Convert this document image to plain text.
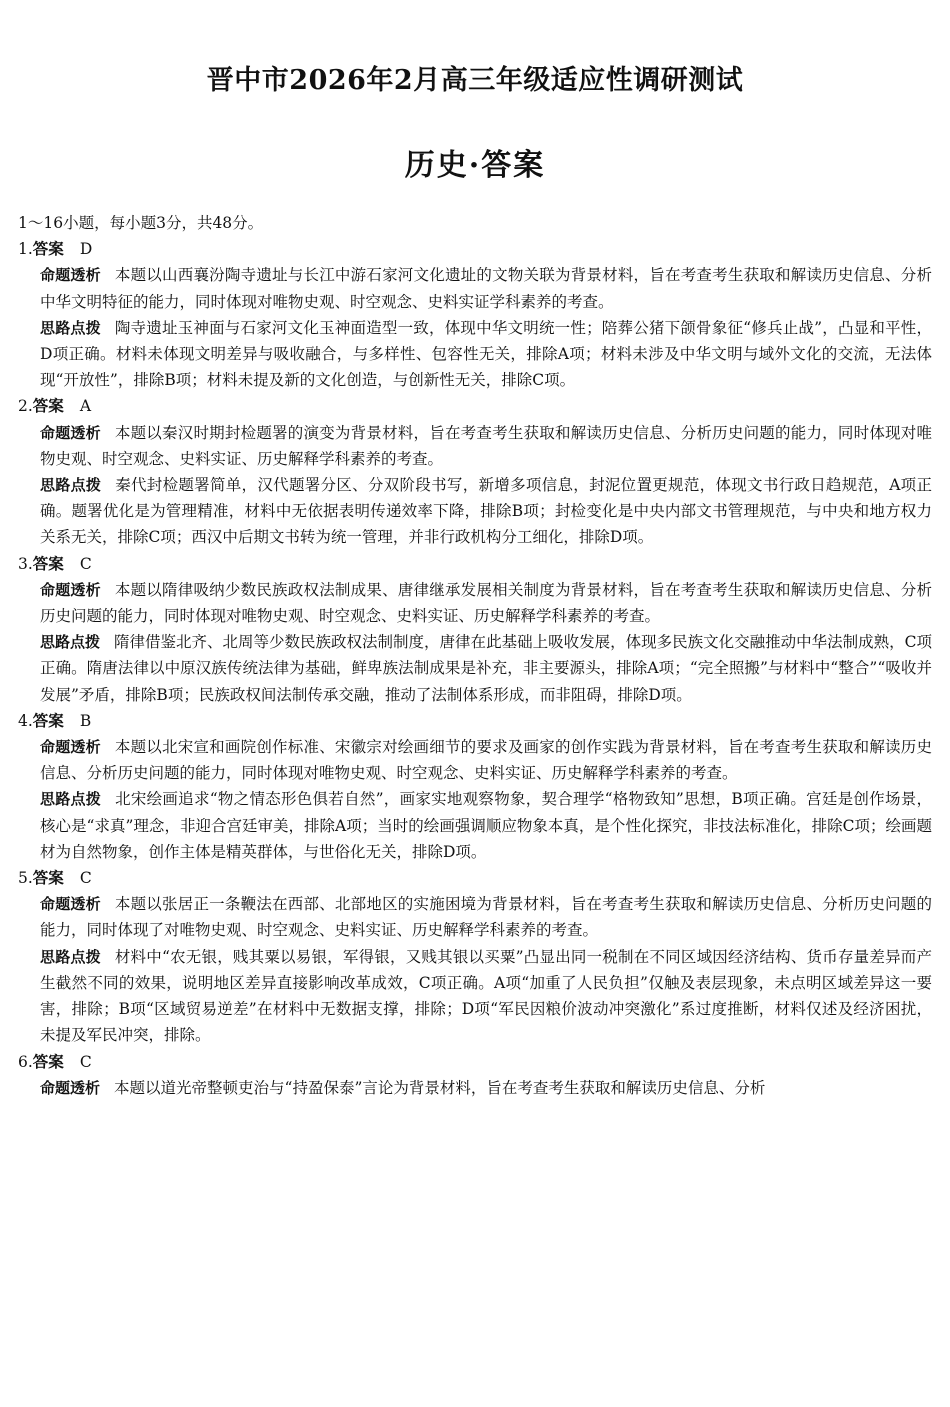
晋中市2026年2月高三年级适应性调研测试
历史·答案

1～16小题，每小题3分，共48分。

1.答案 D

命题透析 本题以山西襄汾陶寺遗址与长江中游石家河文化遗址的文物关联为背景材料，旨在考查考生获取和解读历史信息、分析中华文明特征的能力，同时体现对唯物史观、时空观念、史料实证学科素养的考查。

思路点拨 陶寺遗址玉神面与石家河文化玉神面造型一致，体现中华文明统一性；陪葬公猪下颌骨象征“修兵止战”，凸显和平性，D项正确。材料未体现文明差异与吸收融合，与多样性、包容性无关，排除A项；材料未涉及中华文明与域外文化的交流，无法体现“开放性”，排除B项；材料未提及新的文化创造，与创新性无关，排除C项。

2.答案 A

命题透析 本题以秦汉时期封检题署的演变为背景材料，旨在考查考生获取和解读历史信息、分析历史问题的能力，同时体现对唯物史观、时空观念、史料实证、历史解释学科素养的考查。

思路点拨 秦代封检题署简单，汉代题署分区、分双阶段书写，新增多项信息，封泥位置更规范，体现文书行政日趋规范，A项正确。题署优化是为管理精准，材料中无依据表明传递效率下降，排除B项；封检变化是中央内部文书管理规范，与中央和地方权力关系无关，排除C项；西汉中后期文书转为统一管理，并非行政机构分工细化，排除D项。

3.答案 C

命题透析 本题以隋律吸纳少数民族政权法制成果、唐律继承发展相关制度为背景材料，旨在考查考生获取和解读历史信息、分析历史问题的能力，同时体现对唯物史观、时空观念、史料实证、历史解释学科素养的考查。

思路点拨 隋律借鉴北齐、北周等少数民族政权法制制度，唐律在此基础上吸收发展，体现多民族文化交融推动中华法制成熟，C项正确。隋唐法律以中原汉族传统法律为基础，鲜卑族法制成果是补充，非主要源头，排除A项；“完全照搬”与材料中“整合”“吸收并发展”矛盾，排除B项；民族政权间法制传承交融，推动了法制体系形成，而非阻碍，排除D项。

4.答案 B

命题透析 本题以北宋宣和画院创作标准、宋徽宗对绘画细节的要求及画家的创作实践为背景材料，旨在考查考生获取和解读历史信息、分析历史问题的能力，同时体现对唯物史观、时空观念、史料实证、历史解释学科素养的考查。

思路点拨 北宋绘画追求“物之情态形色俱若自然”，画家实地观察物象，契合理学“格物致知”思想，B项正确。宫廷是创作场景，核心是“求真”理念，非迎合宫廷审美，排除A项；当时的绘画强调顺应物象本真，是个性化探究，非技法标准化，排除C项；绘画题材为自然物象，创作主体是精英群体，与世俗化无关，排除D项。

5.答案 C

命题透析 本题以张居正一条鞭法在西部、北部地区的实施困境为背景材料，旨在考查考生获取和解读历史信息、分析历史问题的能力，同时体现了对唯物史观、时空观念、史料实证、历史解释学科素养的考查。

思路点拨 材料中“农无银，贱其粟以易银，军得银，又贱其银以买粟”凸显出同一税制在不同区域因经济结构、货币存量差异而产生截然不同的效果，说明地区差异直接影响改革成效，C项正确。A项“加重了人民负担”仅触及表层现象，未点明区域差异这一要害，排除；B项“区域贸易逆差”在材料中无数据支撑，排除；D项“军民因粮价波动冲突激化”系过度推断，材料仅述及经济困扰，未提及军民冲突，排除。

6.答案 C

命题透析 本题以道光帝整顿吏治与“持盈保泰”言论为背景材料，旨在考查考生获取和解读历史信息、分析
